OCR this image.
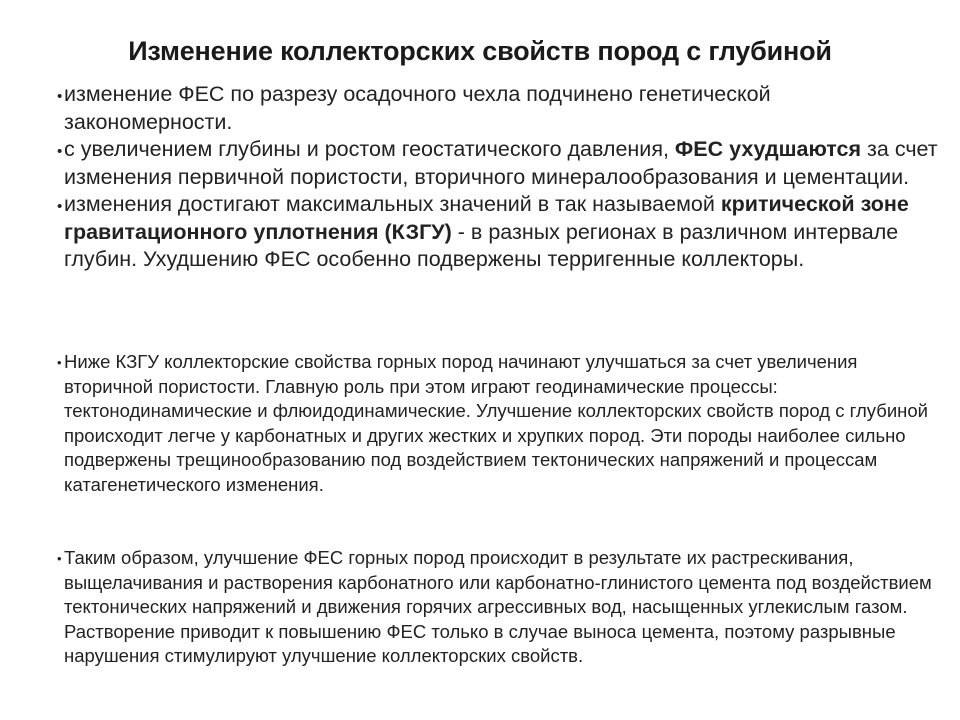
Изменение коллекторских свойств пород с глубиной
• изменение ФЕС по разрезу осадочного чехла подчинено генетической закономерности.
• с увеличением глубины и ростом геостатического давления, ФЕС ухудшаются за счет изменения первичной пористости, вторичного минералообразования и цементации.
• изменения достигают максимальных значений в так называемой критической зоне гравитационного уплотнения (КЗГУ) - в разных регионах в различном интервале глубин. Ухудшению ФЕС особенно подвержены терригенные коллекторы.
• Ниже КЗГУ коллекторские свойства горных пород начинают улучшаться за счет увеличения вторичной пористости. Главную роль при этом играют геодинамические процессы: тектонодинамические и флюидодинамические. Улучшение коллекторских свойств пород с глубиной происходит легче у карбонатных и других жестких и хрупких пород. Эти породы наиболее сильно подвержены трещинообразованию под воздействием тектонических напряжений и процессам катагенетического изменения.
• Таким образом, улучшение ФЕС горных пород происходит в результате их растрескивания, выщелачивания и растворения карбонатного или карбонатно-глинистого цемента под воздействием тектонических напряжений и движения горячих агрессивных вод, насыщенных углекислым газом. Растворение приводит к повышению ФЕС только в случае выноса цемента, поэтому разрывные нарушения стимулируют улучшение коллекторских свойств.
